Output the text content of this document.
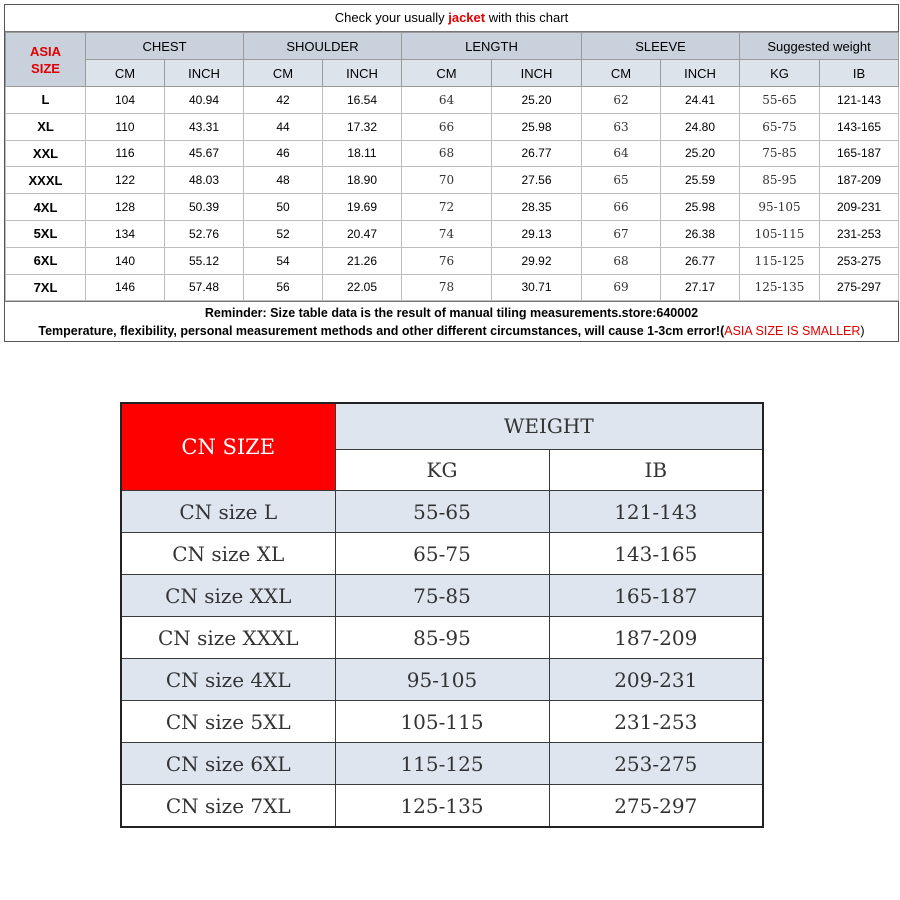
Check your usually jacket with this chart
ASIA
SIZE	CHEST		SHOULDER		LENGTH		SLEEVE		Suggested weight	
	CM	INCH	CM	INCH	CM	INCH	CM	INCH	KG	IB
L	104	40.94	42	16.54	64	25.20	62	24.41	55-65	121-143
XL	110	43.31	44	17.32	66	25.98	63	24.80	65-75	143-165
XXL	116	45.67	46	18.11	68	26.77	64	25.20	75-85	165-187
XXXL	122	48.03	48	18.90	70	27.56	65	25.59	85-95	187-209
4XL	128	50.39	50	19.69	72	28.35	66	25.98	95-105	209-231
5XL	134	52.76	52	20.47	74	29.13	67	26.38	105-115	231-253
6XL	140	55.12	54	21.26	76	29.92	68	26.77	115-125	253-275
7XL	146	57.48	56	22.05	78	30.71	69	27.17	125-135	275-297
Reminder: Size table data is the result of manual tiling measurements.store:640002
Temperature, flexibility, personal measurement methods and other different circumstances, will cause 1-3cm error!(ASIA SIZE IS SMALLER)
CN SIZE	WEIGHT	
	KG	IB
CN size L	55-65	121-143
CN size XL	65-75	143-165
CN size XXL	75-85	165-187
CN size XXXL	85-95	187-209
CN size 4XL	95-105	209-231
CN size 5XL	105-115	231-253
CN size 6XL	115-125	253-275
CN size 7XL	125-135	275-297
